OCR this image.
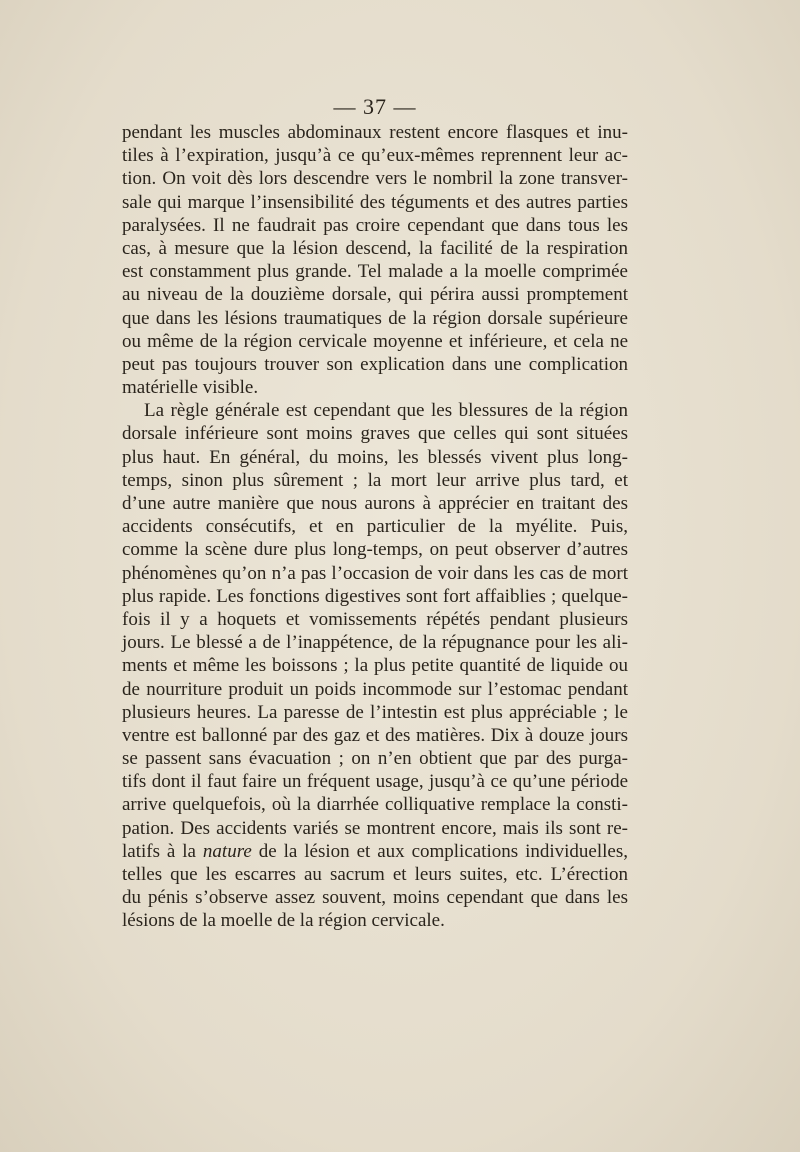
— 37 —
pendant les muscles abdominaux restent encore flasques et inu-
tiles à l’expiration, jusqu’à ce qu’eux-mêmes reprennent leur ac-
tion. On voit dès lors descendre vers le nombril la zone transver-
sale qui marque l’insensibilité des téguments et des autres parties
paralysées. Il ne faudrait pas croire cependant que dans tous les
cas, à mesure que la lésion descend, la facilité de la respiration
est constamment plus grande. Tel malade a la moelle comprimée
au niveau de la douzième dorsale, qui périra aussi promptement
que dans les lésions traumatiques de la région dorsale supérieure
ou même de la région cervicale moyenne et inférieure, et cela ne
peut pas toujours trouver son explication dans une complication
matérielle visible.
La règle générale est cependant que les blessures de la région
dorsale inférieure sont moins graves que celles qui sont situées
plus haut. En général, du moins, les blessés vivent plus long-
temps, sinon plus sûrement ; la mort leur arrive plus tard, et
d’une autre manière que nous aurons à apprécier en traitant des
accidents consécutifs, et en particulier de la myélite. Puis,
comme la scène dure plus long-temps, on peut observer d’autres
phénomènes qu’on n’a pas l’occasion de voir dans les cas de mort
plus rapide. Les fonctions digestives sont fort affaiblies ; quelque-
fois il y a hoquets et vomissements répétés pendant plusieurs
jours. Le blessé a de l’inappétence, de la répugnance pour les ali-
ments et même les boissons ; la plus petite quantité de liquide ou
de nourriture produit un poids incommode sur l’estomac pendant
plusieurs heures. La paresse de l’intestin est plus appréciable ; le
ventre est ballonné par des gaz et des matières. Dix à douze jours
se passent sans évacuation ; on n’en obtient que par des purga-
tifs dont il faut faire un fréquent usage, jusqu’à ce qu’une période
arrive quelquefois, où la diarrhée colliquative remplace la consti-
pation. Des accidents variés se montrent encore, mais ils sont re-
latifs à la nature de la lésion et aux complications individuelles,
telles que les escarres au sacrum et leurs suites, etc. L’érection
du pénis s’observe assez souvent, moins cependant que dans les
lésions de la moelle de la région cervicale.
